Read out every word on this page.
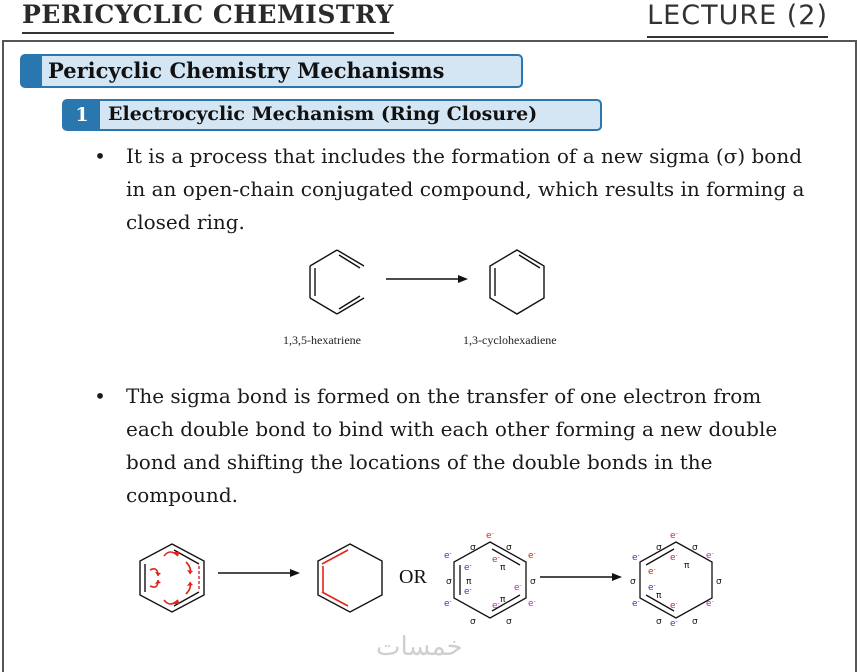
PERICYCLIC CHEMISTRY	LECTURE (2)
Pericyclic Chemistry Mechanisms
1	Electrocyclic Mechanism (Ring Closure)
• It is a process that includes the formation of a new sigma (σ) bond in an open-chain conjugated compound, which results in forming a closed ring.
1,3,5-hexatriene	1,3-cyclohexadiene
• The sigma bond is formed on the transfer of one electron from each double bond to bind with each other forming a new double bond and shifting the locations of the double bonds in the compound.
OR
σ	σ
σ	σ
σ	σ
π
π
π
e-
e-
e-
e-
e-
e-
e-	e-
e-
e-
σ	σ
σ	σ
σ	σ
π
π
e-
e-
e-
e-
e-
e-
e-
e-
e-
e-
خمسات
